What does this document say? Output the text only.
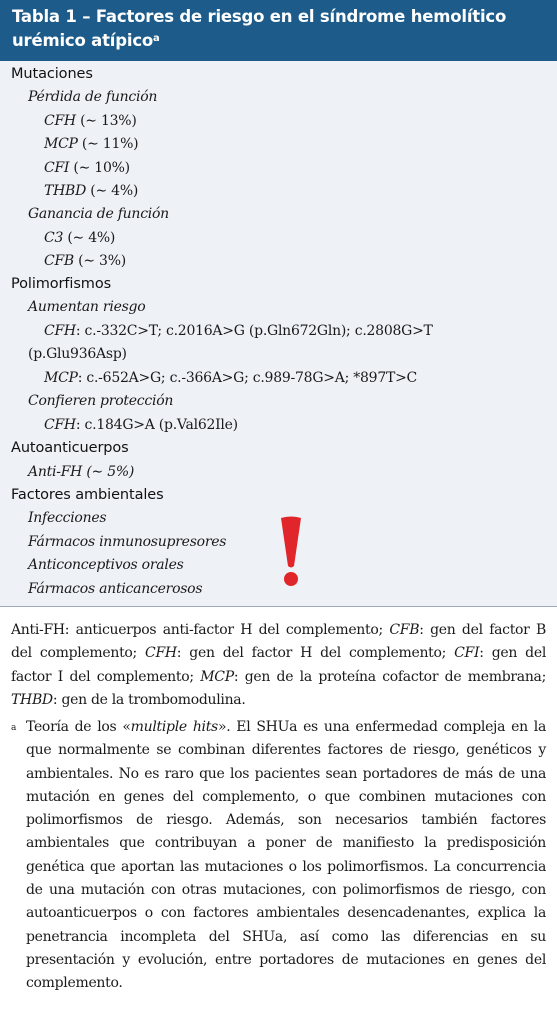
Tabla 1 – Factores de riesgo en el síndrome hemolítico
urémico atípico$^a$
Mutaciones
Pérdida de función
CFH (∼ 13%)
MCP (∼ 11%)
CFI (∼ 10%)
THBD (∼ 4%)
Ganancia de función
C3 (∼ 4%)
CFB (∼ 3%)
Polimorfismos
Aumentan riesgo
CFH: c.-332C>T; c.2016A>G (p.Gln672Gln); c.2808G>T
(p.Glu936Asp)
MCP: c.-652A>G; c.-366A>G; c.989-78G>A; *897T>C
Confieren protección
CFH: c.184G>A (p.Val62Ile)
Autoanticuerpos
Anti-FH (∼ 5%)
Factores ambientales
Infecciones
Fármacos inmunosupresores
Anticonceptivos orales
Fármacos anticancerosos
Anti-FH: anticuerpos anti-factor H del complemento; CFB: gen del factor B del complemento; CFH: gen del factor H del complemento; CFI: gen del factor I del complemento; MCP: gen de la proteína cofactor de membrana; THBD: gen de la trombomodulina.
a Teoría de los «multiple hits». El SHUa es una enfermedad compleja en la que normalmente se combinan diferentes factores de riesgo, genéticos y ambientales. No es raro que los pacientes sean portadores de más de una mutación en genes del complemento, o que combinen mutaciones con polimorfismos de riesgo. Además, son necesarios también factores ambientales que contribuyan a poner de manifiesto la predisposición genética que aportan las mutaciones o los polimorfismos. La concurrencia de una mutación con otras mutaciones, con polimorfismos de riesgo, con autoanticuerpos o con factores ambientales desencadenantes, explica la penetrancia incompleta del SHUa, así como las diferencias en su presentación y evolución, entre portadores de mutaciones en genes del complemento.
